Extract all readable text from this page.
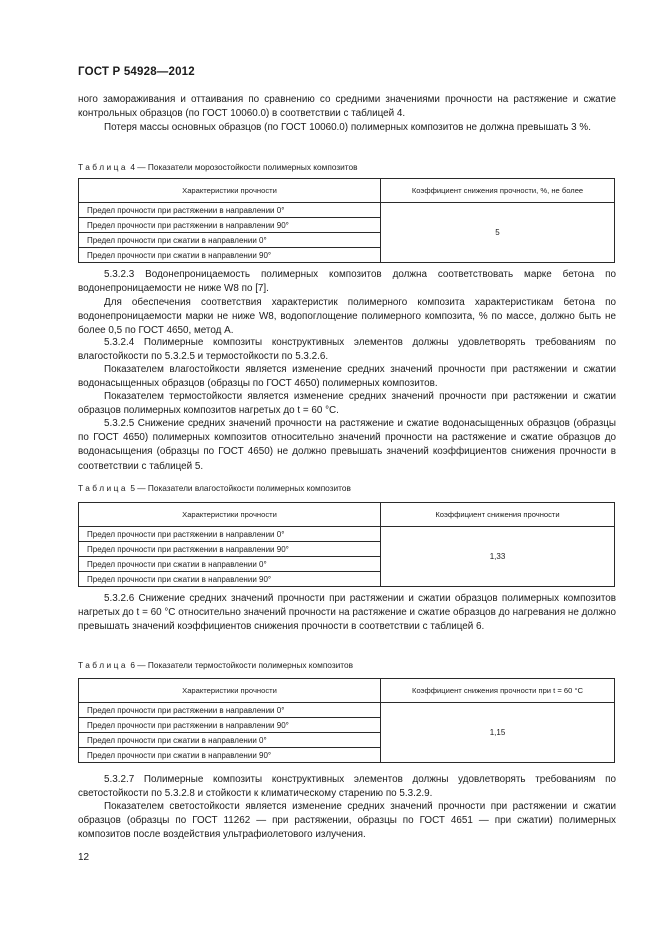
ГОСТ Р 54928—2012

ного замораживания и оттаивания по сравнению со средними значениями прочности на растяжение и сжатие контрольных образцов (по ГОСТ 10060.0) в соответствии с таблицей 4.

Потеря массы основных образцов (по ГОСТ 10060.0) полимерных композитов не должна превышать 3 %.

Таблица 4 — Показатели морозостойкости полимерных композитов
Характеристики прочности	Коэффициент снижения прочности, %, не более
Предел прочности при растяжении в направлении 0°	5
Предел прочности при растяжении в направлении 90°	
Предел прочности при сжатии в направлении 0°	
Предел прочности при сжатии в направлении 90°	

5.3.2.3 Водонепроницаемость полимерных композитов должна соответствовать марке бетона по водонепроницаемости не ниже W8 по [7].

Для обеспечения соответствия характеристик полимерного композита характеристикам бетона по водонепроницаемости марки не ниже W8, водопоглощение полимерного композита, % по массе, должно быть не более 0,5 по ГОСТ 4650, метод А.

5.3.2.4 Полимерные композиты конструктивных элементов должны удовлетворять требованиям по влагостойкости по 5.3.2.5 и термостойкости по 5.3.2.6.

Показателем влагостойкости является изменение средних значений прочности при растяжении и сжатии водонасыщенных образцов (образцы по ГОСТ 4650) полимерных композитов.

Показателем термостойкости является изменение средних значений прочности при растяжении и сжатии образцов полимерных композитов нагретых до t = 60 °С.

5.3.2.5 Снижение средних значений прочности на растяжение и сжатие водонасыщенных образцов (образцы по ГОСТ 4650) полимерных композитов относительно значений прочности на растяжение и сжатие образцов до водонасыщения (образцы по ГОСТ 4650) не должно превышать значений коэффициентов снижения прочности в соответствии с таблицей 5.

Таблица 5 — Показатели влагостойкости полимерных композитов
Характеристики прочности	Коэффициент снижения прочности
Предел прочности при растяжении в направлении 0°	1,33
Предел прочности при растяжении в направлении 90°	
Предел прочности при сжатии в направлении 0°	
Предел прочности при сжатии в направлении 90°	

5.3.2.6 Снижение средних значений прочности при растяжении и сжатии образцов полимерных композитов нагретых до t = 60 °С относительно значений прочности на растяжение и сжатие образцов до нагревания не должно превышать значений коэффициентов снижения прочности в соответствии с таблицей 6.

Таблица 6 — Показатели термостойкости полимерных композитов
Характеристики прочности	Коэффициент снижения прочности при t = 60 °С
Предел прочности при растяжении в направлении 0°	1,15
Предел прочности при растяжении в направлении 90°	
Предел прочности при сжатии в направлении 0°	
Предел прочности при сжатии в направлении 90°	

5.3.2.7 Полимерные композиты конструктивных элементов должны удовлетворять требованиям по светостойкости по 5.3.2.8 и стойкости к климатическому старению по 5.3.2.9.

Показателем светостойкости является изменение средних значений прочности при растяжении и сжатии образцов (образцы по ГОСТ 11262 — при растяжении, образцы по ГОСТ 4651 — при сжатии) полимерных композитов после воздействия ультрафиолетового излучения.

12
